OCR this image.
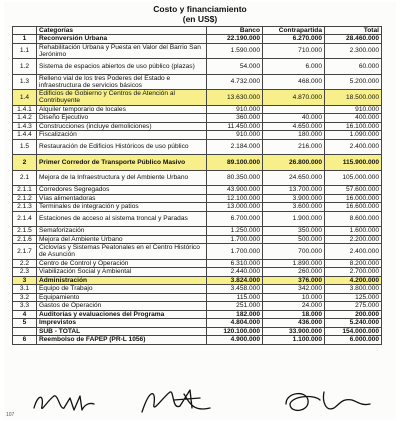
Costo y financiamiento
(en US$)
	Categorías	Banco	Contrapartida	Total
1	Reconversión Urbana	22.190.000	6.270.000	28.460.000
1.1	Rehabilitación Urbana y Puesta en Valor del Barrio San Jerónimo	1.590.000	710.000	2.300.000
1.2	Sistema de espacios abiertos de uso público (plazas)	54.000	6.000	60.000
1.3	Relleno vial de los tres Poderes del Estado e infraestructura de servicios básicos	4.732.000	468.000	5.200.000
1.4	Edificios de Gobierno y Centros de Atención al Contribuyente	13.630.000	4.870.000	18.500.000
1.4.1	Alquiler temporario de locales	910.000		910.000
1.4.2	Diseño Ejecutivo	360.000	40.000	400.000
1.4.3	Construcciones (incluye demoliciones)	11.450.000	4.650.000	16.100.000
1.4.4	Fiscalización	910.000	180.000	1.090.000
1.5	Restauración de Edificios Históricos de uso público	2.184.000	216.000	2.400.000
2	Primer Corredor de Transporte Público Masivo	89.100.000	26.800.000	115.900.000
2.1	Mejora de la Infraestructura y del Ambiente Urbano	80.350.000	24.650.000	105.000.000
2.1.1	Corredores Segregados	43.900.000	13.700.000	57.600.000
2.1.2	Vías alimentadoras	12.100.000	3.900.000	16.000.000
2.1.3	Terminales de integración y patios	13.000.000	3.600.000	16.600.000
2.1.4	Estaciones de acceso al sistema troncal y Paradas	6.700.000	1.900.000	8.600.000
2.1.5	Semaforización	1.250.000	350.000	1.600.000
2.1.6	Mejora del Ambiente Urbano	1.700.000	500.000	2.200.000
2.1.7	Ciclovías y Sistemas Peatonales en el Centro Histórico de Asunción	1.700.000	700.000	2.400.000
2.2	Centro de Control y Operación	6.310.000	1.890.000	8.200.000
2.3	Viabilización Social y Ambiental	2.440.000	260.000	2.700.000
3	Administración	3.824.000	376.000	4.200.000
3.1	Equipo de Trabajo	3.458.000	342.000	3.800.000
3.2	Equipamiento	115.000	10.000	125.000
3.3	Gastos de Operación	251.000	24.000	275.000
4	Auditorías y evaluaciones del Programa	182.000	18.000	200.000
5	Imprevistos	4.804.000	436.000	5.240.000
	SUB - TOTAL	120.100.000	33.900.000	154.000.000
6	Reembolso de FAPEP (PR-L 1056)	4.900.000	1.100.000	6.000.000
107
